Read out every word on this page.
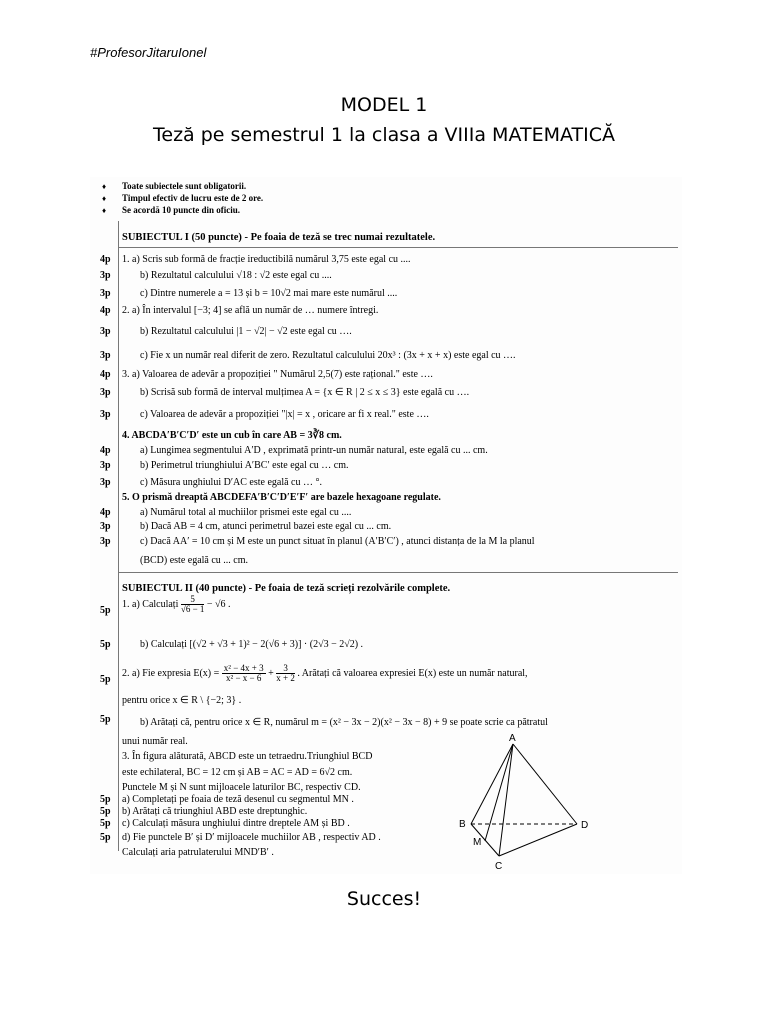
#ProfesorJitaruIonel
MODEL 1
Teză pe semestrul 1 la clasa a VIIIa MATEMATICĂ
♦ Toate subiectele sunt obligatorii.
♦ Timpul efectiv de lucru este de 2 ore.
♦ Se acordă 10 puncte din oficiu.
SUBIECTUL I (50 puncte) - Pe foaia de teză se trec numai rezultatele.
4p 1. a) Scris sub formă de fracție ireductibilă numărul 3,75 este egal cu ....
3p	b) Rezultatul calculului √18 : √2 este egal cu ....
3p	c) Dintre numerele a = 13 și b = 10√2 mai mare este numărul ....
4p 2. a) În intervalul [−3; 4] se află un număr de … numere întregi.
3p	b) Rezultatul calculului |1 − √2| − √2 este egal cu ….
3p	c) Fie x un număr real diferit de zero. Rezultatul calculului 20x³ : (3x + x + x) este egal cu ….
4p 3. a) Valoarea de adevăr a propoziției " Numărul 2,5(7) este rațional." este ….
3p	b) Scrisă sub formă de interval mulțimea A = {x ∈ R | 2 ≤ x ≤ 3} este egală cu ….
3p	c) Valoarea de adevăr a propoziției "|x| = x , oricare ar fi x real." este ….
4. ABCDA′B′C′D′ este un cub în care AB = 3∛8 cm.
4p	a) Lungimea segmentului A′D , exprimată printr-un număr natural, este egală cu ... cm.
3p	b) Perimetrul triunghiului A′BC′ este egal cu … cm.
3p	c) Măsura unghiului D′AC este egală cu … °.
5. O prismă dreaptă ABCDEFA′B′C′D′E′F′ are bazele hexagoane regulate.
4p	a) Numărul total al muchiilor prismei este egal cu ....
3p	b) Dacă AB = 4 cm, atunci perimetrul bazei este egal cu ... cm.
3p	c) Dacă AA′ = 10 cm și M este un punct situat în planul (A′B′C′) , atunci distanța de la M la planul
(BCD) este egală cu ... cm.
SUBIECTUL II (40 puncte) - Pe foaia de teză scrieți rezolvările complete.
5p
1. a) Calculați $\frac{5}{√6 - 1} - √6$ .
5p	b) Calculați [(√2 + √3 + 1)² − 2(√6 + 3)] · (2√3 − 2√2) .
5p
2. a) Fie expresia $E(x) = \frac{\text{x² − 4x + 3}}{\text{x² − x − 6}} + \frac{3}{x + 2}$ . Arătați că valoarea expresiei E(x) este un număr natural,
pentru orice x ∈ R \ {−2; 3} .
5p	b) Arătați că, pentru orice x ∈ R, numărul m = (x² − 3x − 2)(x² − 3x − 8) + 9 se poate scrie ca pătratul
unui număr real.
3. În figura alăturată, ABCD este un tetraedru.Triunghiul BCD
este echilateral, BC = 12 cm și AB = AC = AD = 6√2 cm.
Punctele M și N sunt mijloacele laturilor BC, respectiv CD.
5p a) Completați pe foaia de teză desenul cu segmentul MN .
5p b) Arătați că triunghiul ABD este dreptunghic.
5p c) Calculați măsura unghiului dintre dreptele AM și BD .
5p d) Fie punctele B′ și D′ mijloacele muchiilor AB , respectiv AD .
Calculați aria patrulaterului MND′B′ .
A
B	D
M
C
Succes!
